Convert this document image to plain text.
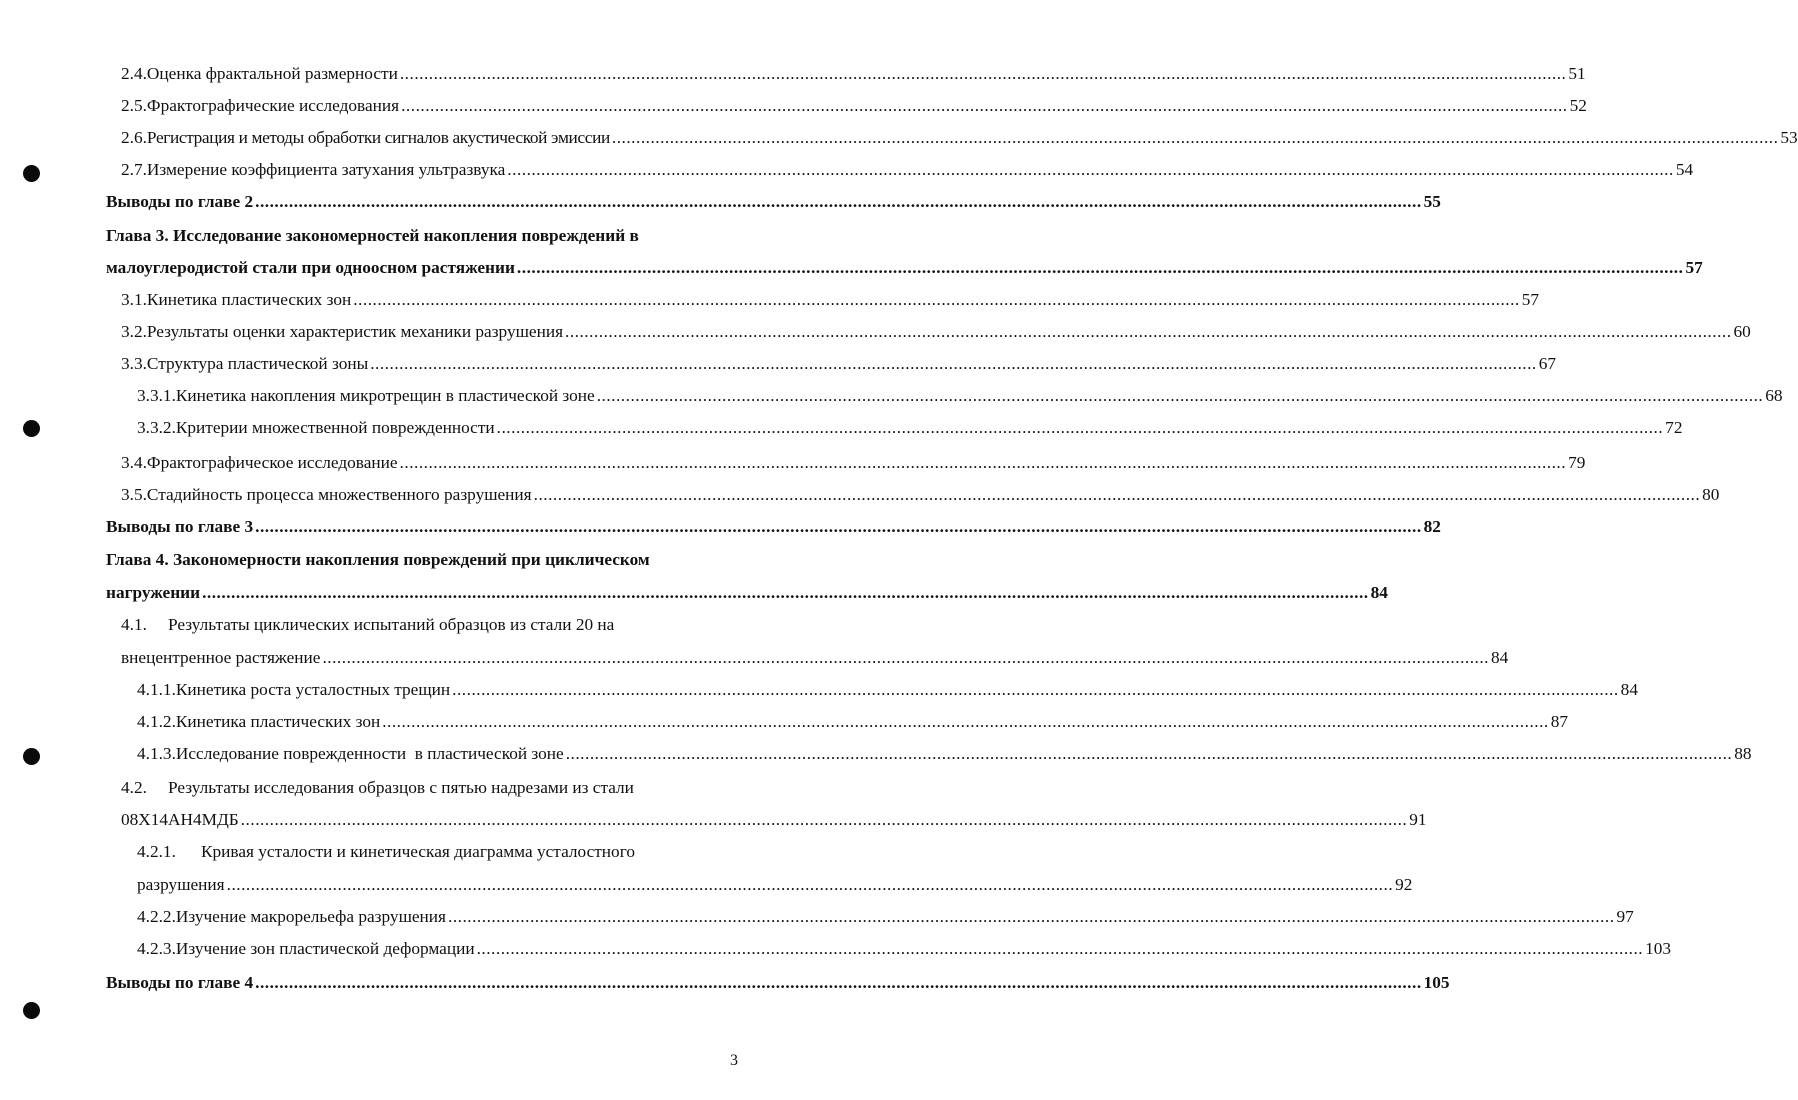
2.4. Оценка фрактальной размерности .....	51
2.5. Фрактографические исследования .....	52
2.6. Регистрация и методы обработки сигналов акустической эмиссии .....	53
2.7. Измерение коэффициента затухания ультразвука .....	54
Выводы по главе 2 .....	55
Глава 3. Исследование закономерностей накопления повреждений в
малоуглеродистой стали при одноосном растяжении .....	57
3.1. Кинетика пластических зон .....	57
3.2. Результаты оценки характеристик механики разрушения .....	60
3.3. Структура пластической зоны .....	67
3.3.1. Кинетика накопления микротрещин в пластической зоне .....	68
3.3.2. Критерии множественной поврежденности .....	72
3.4. Фрактографическое исследование .....	79
3.5. Стадийность процесса множественного разрушения .....	80
Выводы по главе 3 .....	82
Глава 4. Закономерности накопления повреждений при циклическом
нагружении .....	84
4.1. Результаты циклических испытаний образцов из стали 20 на
внецентренное растяжение .....	84
4.1.1. Кинетика роста усталостных трещин .....	84
4.1.2. Кинетика пластических зон .....	87
4.1.3. Исследование поврежденности  в пластической зоне .....	88
4.2. Результаты исследования образцов с пятью надрезами из стали
08Х14АН4МДБ .....	91
4.2.1. Кривая усталости и кинетическая диаграмма усталостного
разрушения .....	92
4.2.2. Изучение макрорельефа разрушения .....	97
4.2.3. Изучение зон пластической деформации .....	103
Выводы по главе 4 .....	105
3
